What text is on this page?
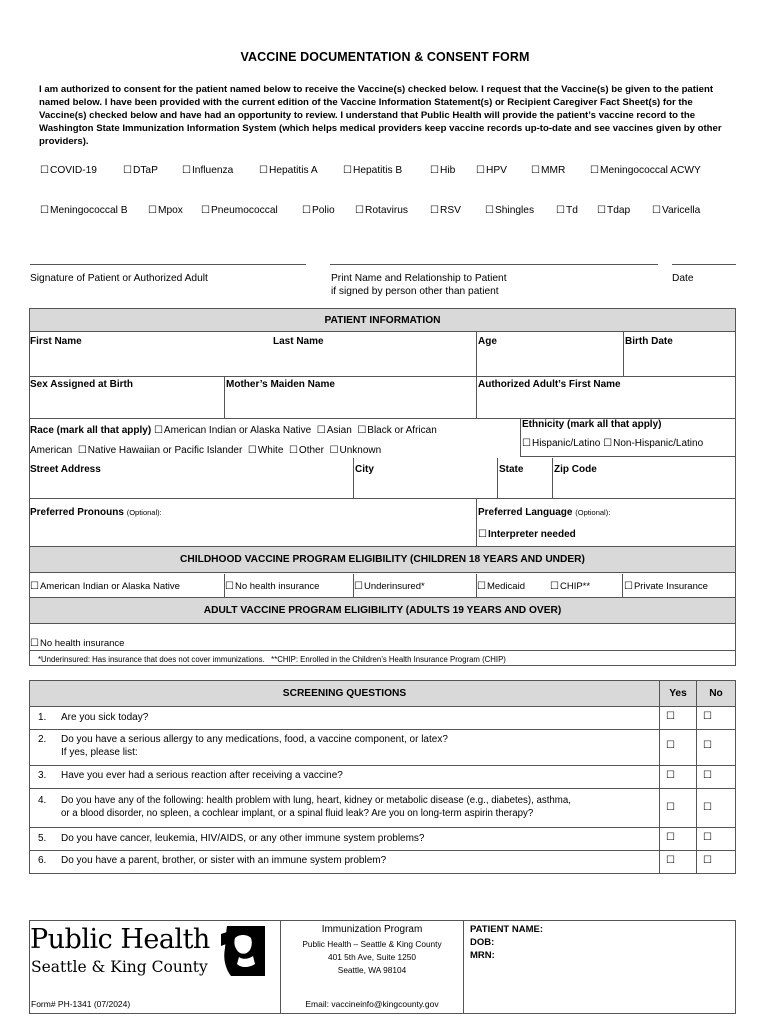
VACCINE DOCUMENTATION & CONSENT FORM
I am authorized to consent for the patient named below to receive the Vaccine(s) checked below. I request that the Vaccine(s) be given to the patient named below. I have been provided with the current edition of the Vaccine Information Statement(s) or Recipient Caregiver Fact Sheet(s) for the Vaccine(s) checked below and have had an opportunity to review. I understand that Public Health will provide the patient’s vaccine record to the Washington State Immunization Information System (which helps medical providers keep vaccine records up-to-date and see vaccines given by other providers).
☐ COVID-19	☐ DTaP	☐ Influenza	☐ Hepatitis A	☐ Hepatitis B	☐ Hib	☐ HPV	☐ MMR	☐ Meningococcal ACWY
☐ Meningococcal B	☐ Mpox	☐ Pneumococcal	☐ Polio	☐ Rotavirus	☐ RSV	☐ Shingles	☐ Td	☐ Tdap	☐ Varicella
Signature of Patient or Authorized Adult	Print Name and Relationship to Patient
if signed by person other than patient
Date
PATIENT INFORMATION
First Name	Last Name	Age	Birth Date
Sex Assigned at Birth	Mother’s Maiden Name	Authorized Adult’s First Name
Race (mark all that apply) ☐ American Indian or Alaska Native ☐ Asian ☐ Black or African
American ☐ Native Hawaiian or Pacific Islander ☐ White ☐ Other ☐ Unknown
Ethnicity (mark all that apply)
☐ Hispanic/Latino ☐ Non-Hispanic/Latino
Street Address	City	State	Zip Code
Preferred Pronouns (Optional):	Preferred Language (Optional):
☐ Interpreter needed
CHILDHOOD VACCINE PROGRAM ELIGIBILITY (CHILDREN 18 YEARS AND UNDER)
☐ American Indian or Alaska Native	☐ No health insurance	☐ Underinsured*	☐ Medicaid	☐ CHIP**	☐ Private Insurance
ADULT VACCINE PROGRAM ELIGIBILITY (ADULTS 19 YEARS AND OVER)
☐ No health insurance
*Underinsured: Has insurance that does not cover immunizations.   **CHIP: Enrolled in the Children’s Health Insurance Program (CHIP)
SCREENING QUESTIONS	Yes	No
1. Are you sick today?	☐	☐
2. Do you have a serious allergy to any medications, food, a vaccine component, or latex?
If yes, please list:
☐	☐
3. Have you ever had a serious reaction after receiving a vaccine?	☐	☐
4. Do you have any of the following: health problem with lung, heart, kidney or metabolic disease (e.g., diabetes), asthma,
or a blood disorder, no spleen, a cochlear implant, or a spinal fluid leak? Are you on long-term aspirin therapy?
☐	☐
5. Do you have cancer, leukemia, HIV/AIDS, or any other immune system problems?	☐	☐
6. Do you have a parent, brother, or sister with an immune system problem?	☐	☐
Public Health
Seattle & King County
Form# PH-1341 (07/2024)
Immunization Program
Public Health – Seattle & King County
401 5th Ave, Suite 1250
Seattle, WA 98104
Email: vaccineinfo@kingcounty.gov
PATIENT NAME:
DOB:
MRN:
